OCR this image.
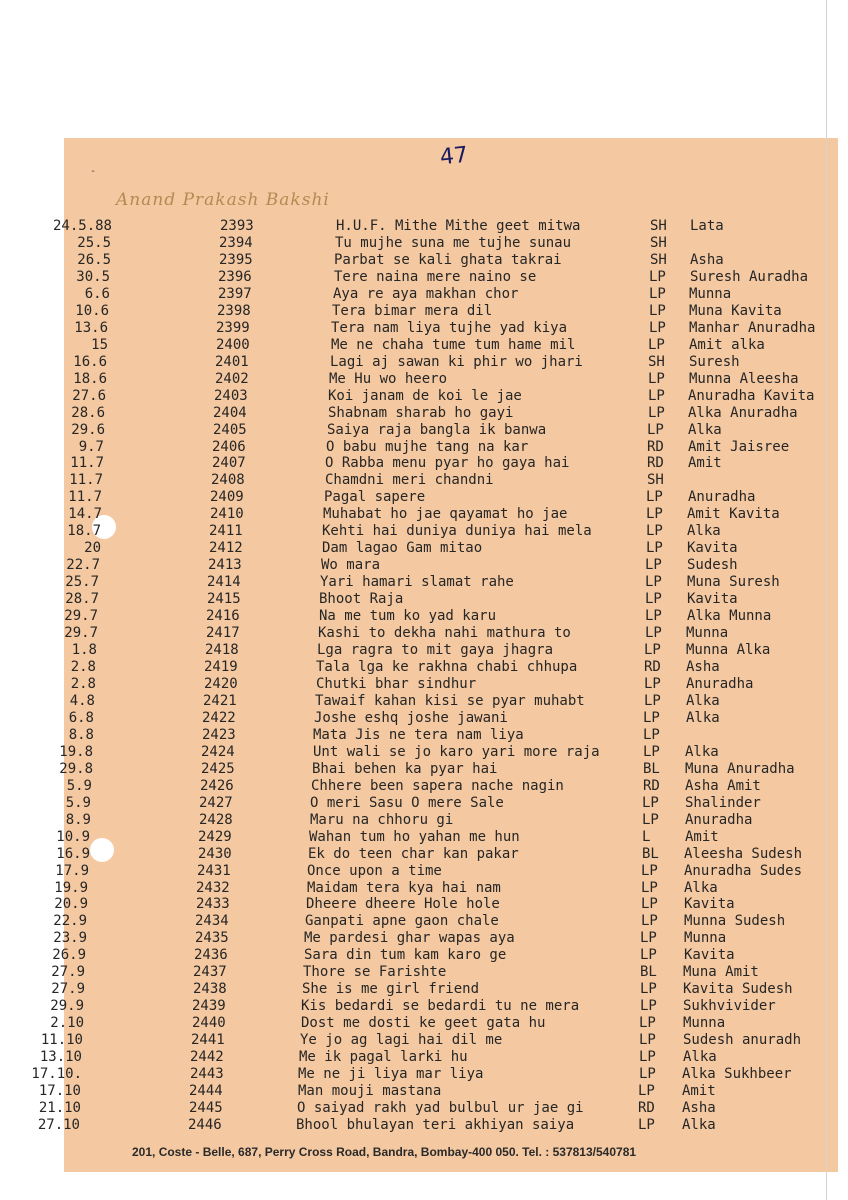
47
-
Anand Prakash Bakshi
24.5.88	2393	H.U.F. Mithe Mithe geet mitwa	SH Lata
25.5	2394	Tu mujhe suna me tujhe sunau	SH
26.5	2395	Parbat se kali ghata takrai	SH Asha
30.5	2396	Tere naina mere naino se	LP Suresh Auradha
6.6	2397	Aya re aya makhan chor	LP Munna
10.6	2398	Tera bimar mera dil	LP Muna Kavita
13.6	2399	Tera nam liya tujhe yad kiya	LP Manhar Anuradha
15	2400	Me ne chaha tume tum hame mil	LP Amit alka
16.6	2401	Lagi aj sawan ki phir wo jhari	SH Suresh
18.6	2402	Me Hu wo heero	LP Munna Aleesha
27.6	2403	Koi janam de koi le jae	LP Anuradha Kavita
28.6	2404	Shabnam sharab ho gayi	LP Alka Anuradha
29.6	2405	Saiya raja bangla ik banwa	LP Alka
9.7	2406	O babu mujhe tang na kar	RD Amit Jaisree
11.7	2407	O Rabba menu pyar ho gaya hai	RD Amit
11.7	2408	Chamdni meri chandni	SH
11.7	2409	Pagal sapere	LP Anuradha
14.7	2410	Muhabat ho jae qayamat ho jae	LP Amit Kavita
18.7	2411	Kehti hai duniya duniya hai mela	LP Alka
20	2412	Dam lagao Gam mitao	LP Kavita
22.7	2413	Wo mara	LP Sudesh
25.7	2414	Yari hamari slamat rahe	LP Muna Suresh
28.7	2415	Bhoot Raja	LP Kavita
29.7	2416	Na me tum ko yad karu	LP Alka Munna
29.7	2417	Kashi to dekha nahi mathura to	LP Munna
1.8	2418	Lga ragra to mit gaya jhagra	LP Munna Alka
2.8	2419	Tala lga ke rakhna chabi chhupa	RD Asha
2.8	2420	Chutki bhar sindhur	LP Anuradha
4.8	2421	Tawaif kahan kisi se pyar muhabt	LP Alka
6.8	2422	Joshe eshq joshe jawani	LP Alka
8.8	2423	Mata Jis ne tera nam liya	LP
19.8	2424	Unt wali se jo karo yari more raja	LP Alka
29.8	2425	Bhai behen ka pyar hai	BL Muna Anuradha
5.9	2426	Chhere been sapera nache nagin	RD Asha Amit
5.9	2427	O meri Sasu O mere Sale	LP Shalinder
8.9	2428	Maru na chhoru gi	LP Anuradha
10.9	2429	Wahan tum ho yahan me hun	L Amit
16.9	2430	Ek do teen char kan pakar	BL Aleesha Sudesh
17.9	2431	Once upon a time	LP Anuradha Sudes
19.9	2432	Maidam tera kya hai nam	LP Alka
20.9	2433	Dheere dheere Hole hole	LP Kavita
22.9	2434	Ganpati apne gaon chale	LP Munna Sudesh
23.9	2435	Me pardesi ghar wapas aya	LP Munna
26.9	2436	Sara din tum kam karo ge	LP Kavita
27.9	2437	Thore se Farishte	BL Muna Amit
27.9	2438	She is me girl friend	LP Kavita Sudesh
29.9	2439	Kis bedardi se bedardi tu ne mera	LP Sukhvivider
2.10	2440	Dost me dosti ke geet gata hu	LP Munna
11.10	2441	Ye jo ag lagi hai dil me	LP Sudesh anuradh
13.10	2442	Me ik pagal larki hu	LP Alka
17.10.	2443	Me ne ji liya mar liya	LP Alka Sukhbeer
17.10	2444	Man mouji mastana	LP Amit
21.10	2445	O saiyad rakh yad bulbul ur jae gi	RD Asha
27.10	2446	Bhool bhulayan teri akhiyan saiya	LP Alka
201, Coste - Belle, 687, Perry Cross Road, Bandra, Bombay-400 050. Tel. : 537813/540781
